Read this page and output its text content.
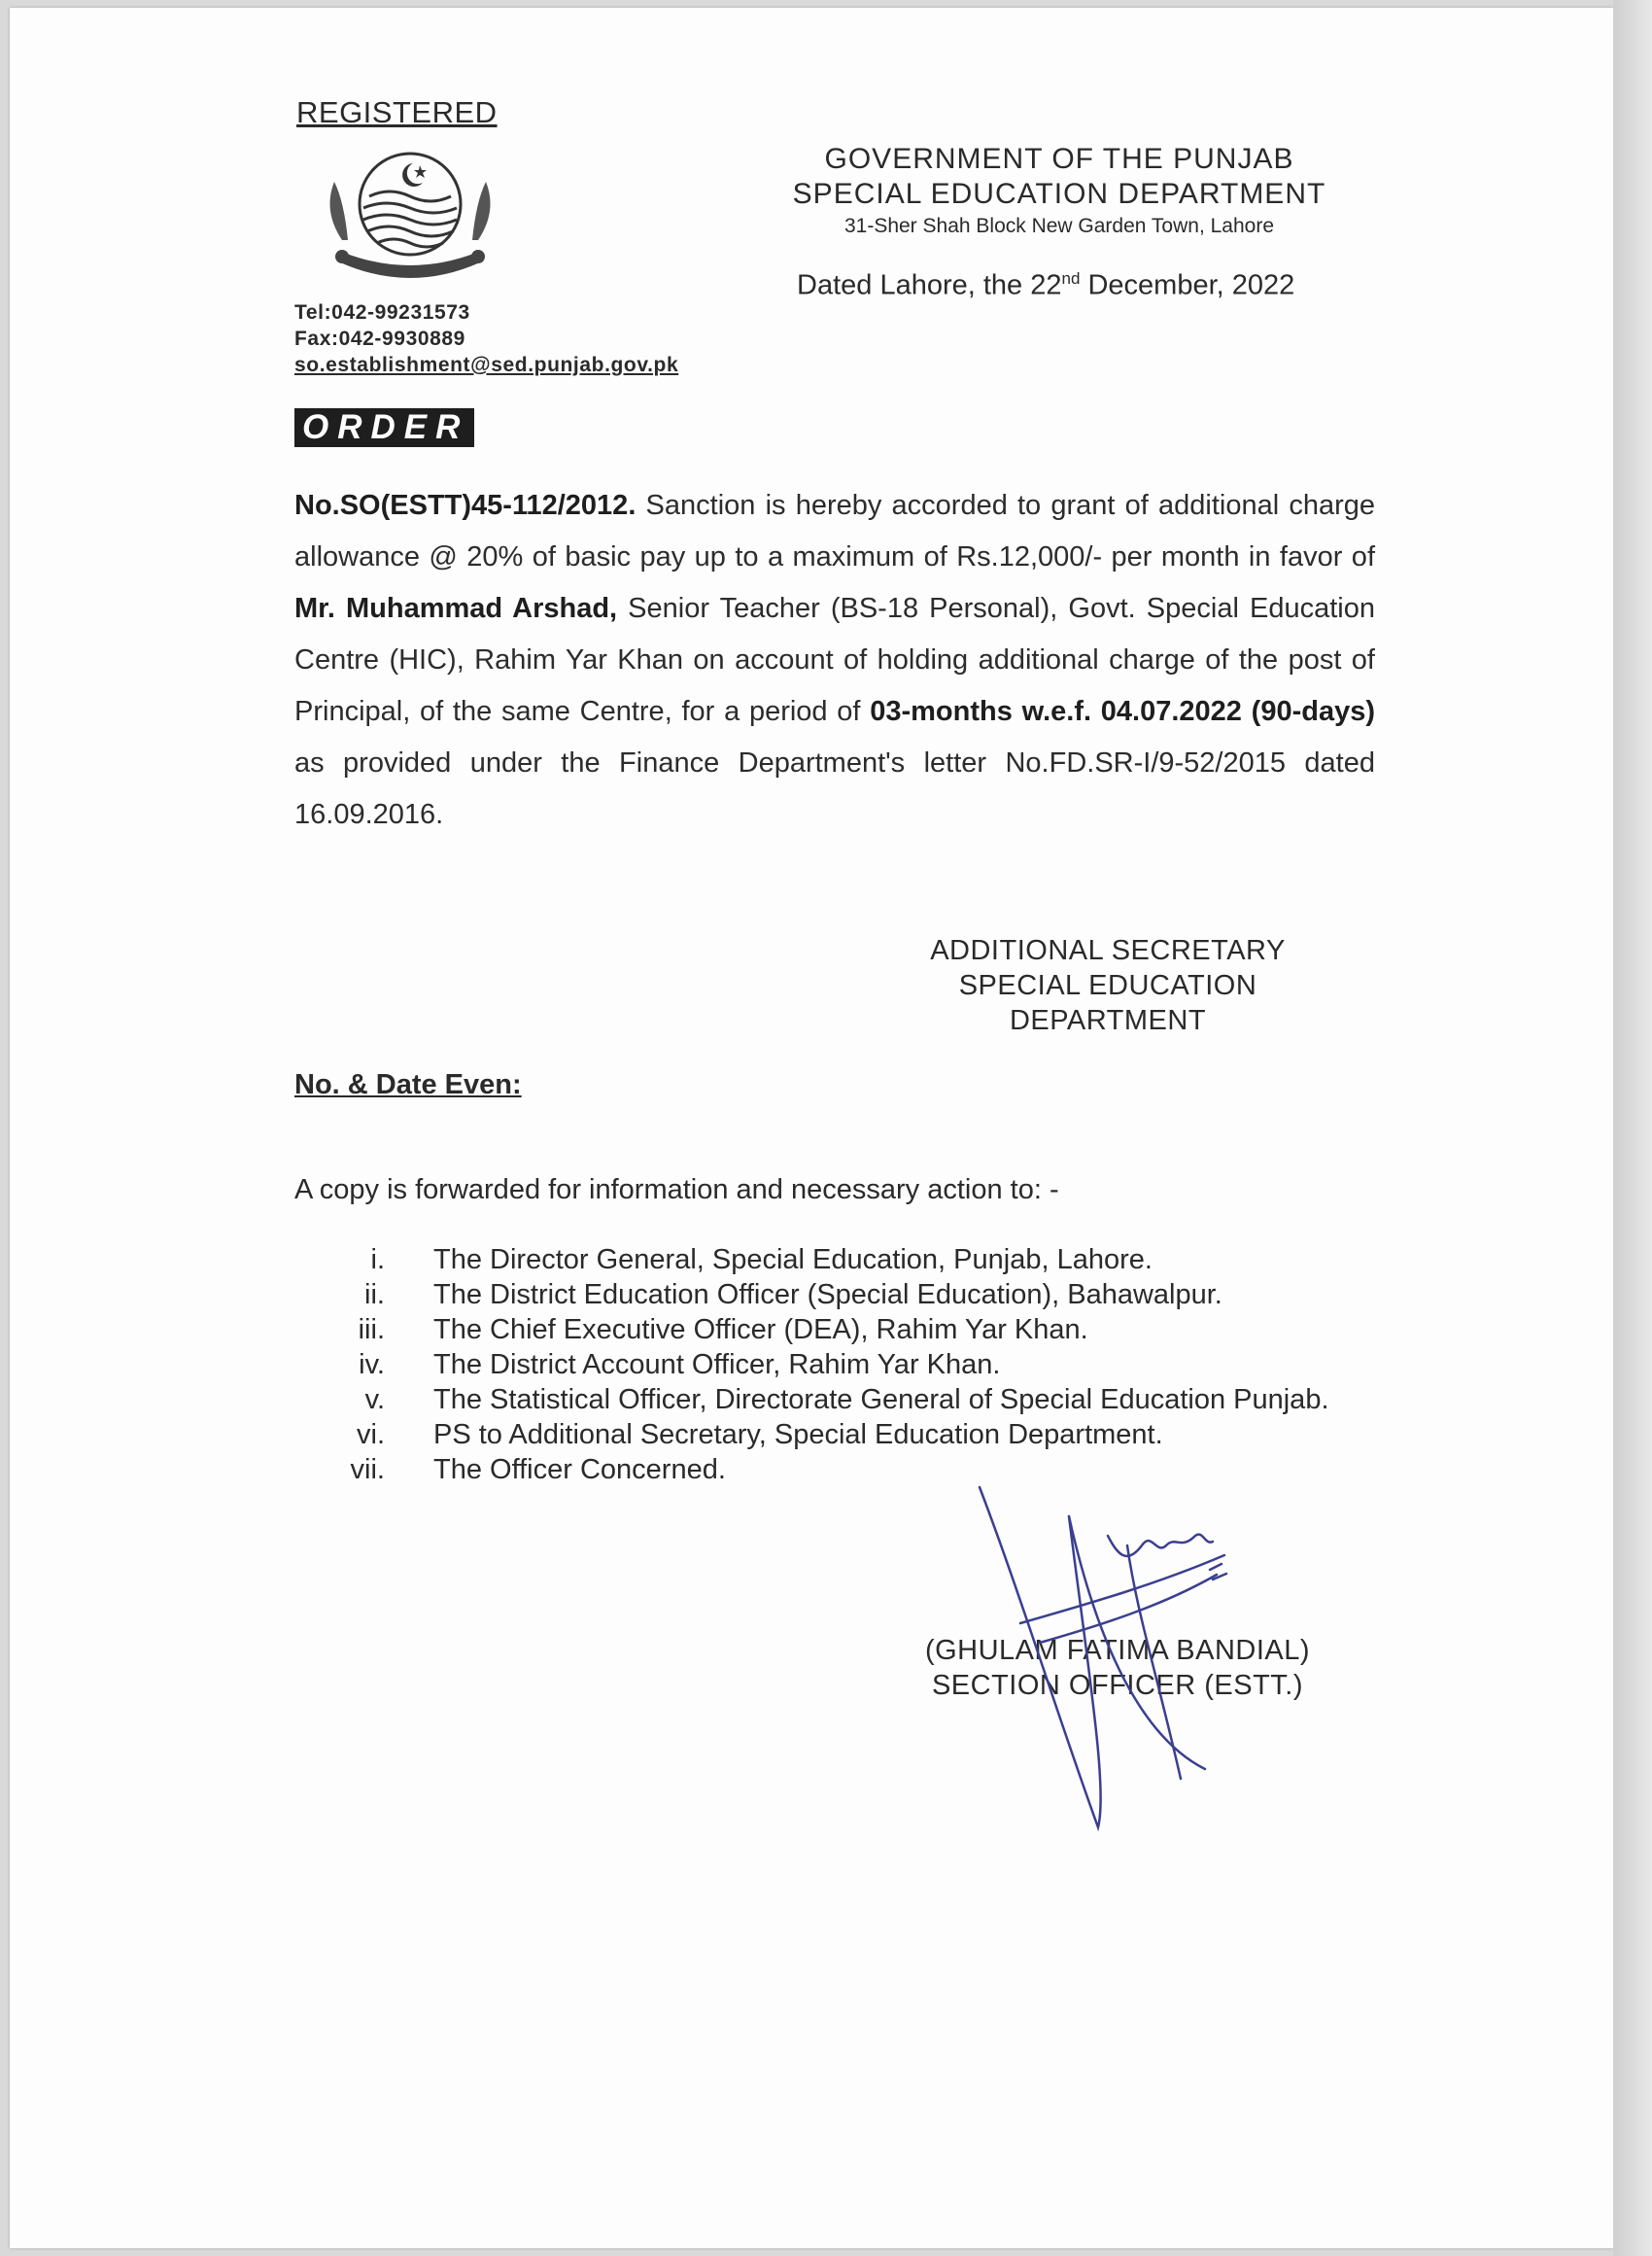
REGISTERED
Tel:042-99231573
Fax:042-9930889
so.establishment@sed.punjab.gov.pk
GOVERNMENT OF THE PUNJAB
SPECIAL EDUCATION DEPARTMENT
31-Sher Shah Block New Garden Town, Lahore
Dated Lahore, the 22nd December, 2022
ORDER
No.SO(ESTT)45-112/2012. Sanction is hereby accorded to grant of additional charge allowance @ 20% of basic pay up to a maximum of Rs.12,000/- per month in favor of Mr. Muhammad Arshad, Senior Teacher (BS-18 Personal), Govt. Special Education Centre (HIC), Rahim Yar Khan on account of holding additional charge of the post of Principal, of the same Centre, for a period of 03-months w.e.f. 04.07.2022 (90-days) as provided under the Finance Department's letter No.FD.SR-I/9-52/2015 dated 16.09.2016.
ADDITIONAL SECRETARY
SPECIAL EDUCATION
DEPARTMENT
No. & Date Even:
A copy is forwarded for information and necessary action to: -
i.	The Director General, Special Education, Punjab, Lahore.
ii.	The District Education Officer (Special Education), Bahawalpur.
iii.	The Chief Executive Officer (DEA), Rahim Yar Khan.
iv.	The District Account Officer, Rahim Yar Khan.
v.	The Statistical Officer, Directorate General of Special Education Punjab.
vi.	PS to Additional Secretary, Special Education Department.
vii.	The Officer Concerned.
(GHULAM FATIMA BANDIAL)
SECTION OFFICER (ESTT.)
